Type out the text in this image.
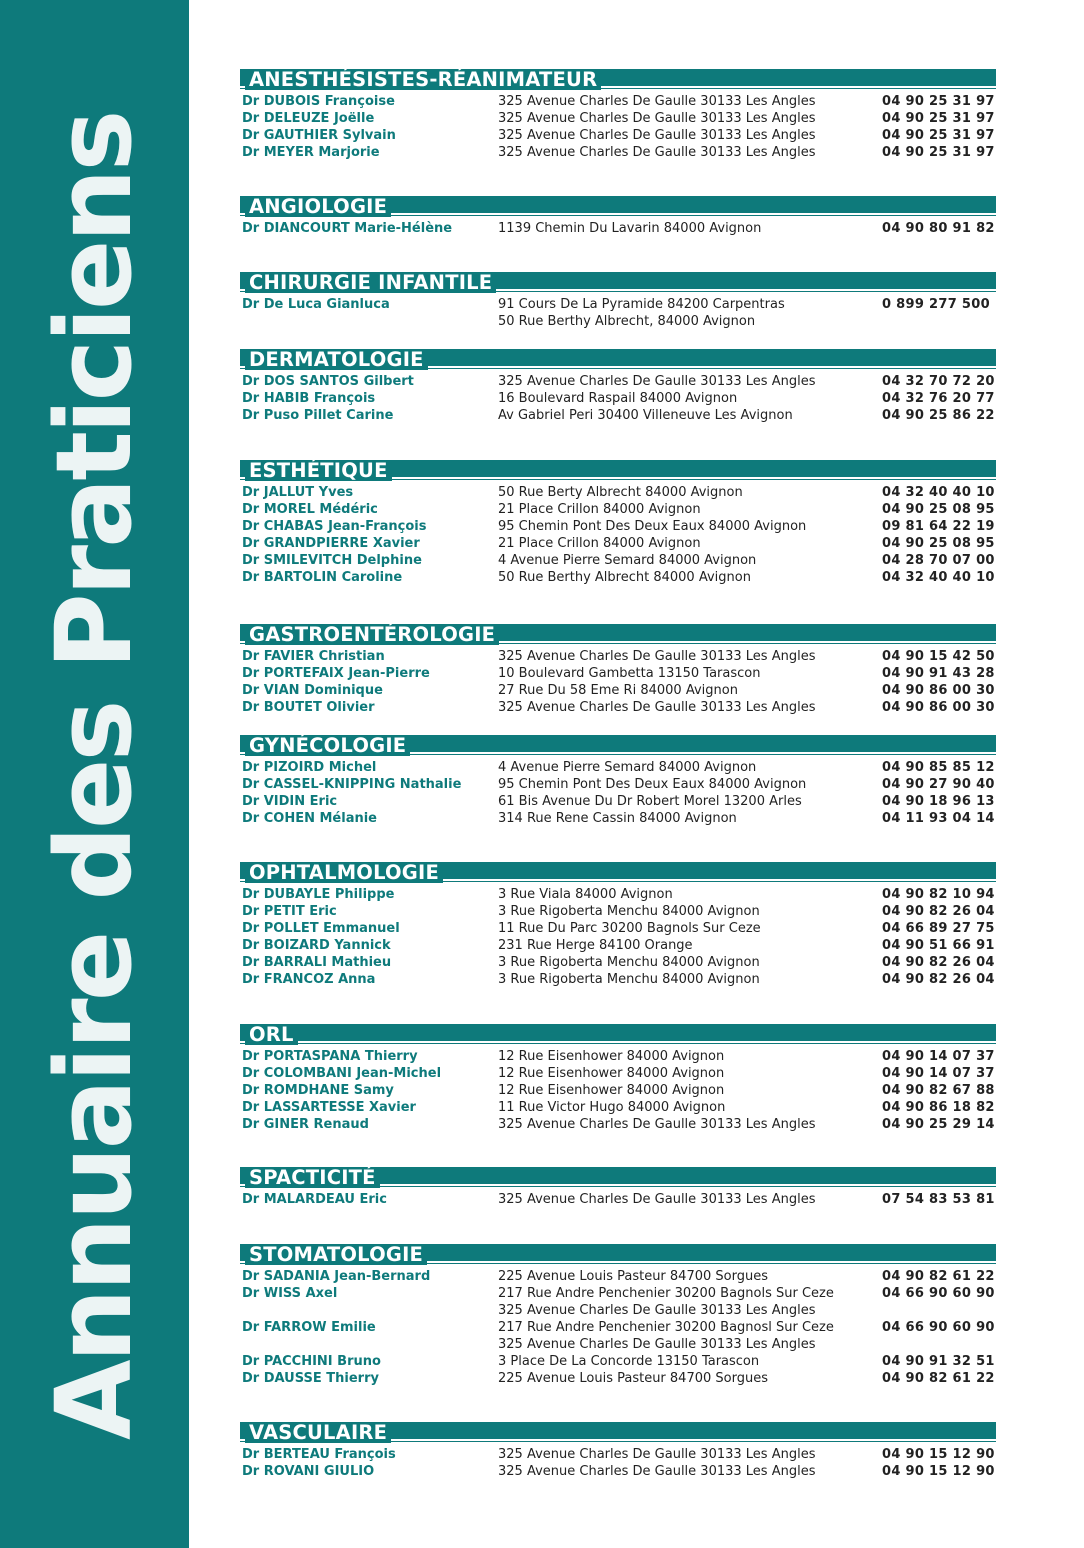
Annuaire des Praticiens
ANESTHÉSISTES-RÉANIMATEUR
Dr DUBOIS Françoise	325 Avenue Charles De Gaulle 30133 Les Angles	04 90 25 31 97
Dr DELEUZE Joëlle	325 Avenue Charles De Gaulle 30133 Les Angles	04 90 25 31 97
Dr GAUTHIER Sylvain	325 Avenue Charles De Gaulle 30133 Les Angles	04 90 25 31 97
Dr MEYER Marjorie	325 Avenue Charles De Gaulle 30133 Les Angles	04 90 25 31 97
ANGIOLOGIE
Dr DIANCOURT Marie-Hélène	1139 Chemin Du Lavarin 84000 Avignon	04 90 80 91 82
CHIRURGIE INFANTILE
Dr De Luca Gianluca	91 Cours De La Pyramide 84200 Carpentras	0 899 277 500
50 Rue Berthy Albrecht, 84000 Avignon
DERMATOLOGIE
Dr DOS SANTOS Gilbert	325 Avenue Charles De Gaulle 30133 Les Angles	04 32 70 72 20
Dr HABIB François	16 Boulevard Raspail 84000 Avignon	04 32 76 20 77
Dr Puso Pillet Carine	Av Gabriel Peri 30400 Villeneuve Les Avignon	04 90 25 86 22
ESTHÉTIQUE
Dr JALLUT Yves	50 Rue Berty Albrecht 84000 Avignon	04 32 40 40 10
Dr MOREL Médéric	21 Place Crillon 84000 Avignon	04 90 25 08 95
Dr CHABAS Jean-François	95 Chemin Pont Des Deux Eaux 84000 Avignon	09 81 64 22 19
Dr GRANDPIERRE Xavier	21 Place Crillon 84000 Avignon	04 90 25 08 95
Dr SMILEVITCH Delphine	4 Avenue Pierre Semard 84000 Avignon	04 28 70 07 00
Dr BARTOLIN Caroline	50 Rue Berthy Albrecht 84000 Avignon	04 32 40 40 10
GASTROENTÉROLOGIE
Dr FAVIER Christian	325 Avenue Charles De Gaulle 30133 Les Angles	04 90 15 42 50
Dr PORTEFAIX Jean-Pierre	10 Boulevard Gambetta 13150 Tarascon	04 90 91 43 28
Dr VIAN Dominique	27 Rue Du 58 Eme Ri 84000 Avignon	04 90 86 00 30
Dr BOUTET Olivier	325 Avenue Charles De Gaulle 30133 Les Angles	04 90 86 00 30
GYNÉCOLOGIE
Dr PIZOIRD Michel	4 Avenue Pierre Semard 84000 Avignon	04 90 85 85 12
Dr CASSEL-KNIPPING Nathalie	95 Chemin Pont Des Deux Eaux 84000 Avignon	04 90 27 90 40
Dr VIDIN Eric	61 Bis Avenue Du Dr Robert Morel 13200 Arles	04 90 18 96 13
Dr COHEN Mélanie	314 Rue Rene Cassin 84000 Avignon	04 11 93 04 14
OPHTALMOLOGIE
Dr DUBAYLE Philippe	3 Rue Viala 84000 Avignon	04 90 82 10 94
Dr PETIT Eric	3 Rue Rigoberta Menchu 84000 Avignon	04 90 82 26 04
Dr POLLET Emmanuel	11 Rue Du Parc 30200 Bagnols Sur Ceze	04 66 89 27 75
Dr BOIZARD Yannick	231 Rue Herge 84100 Orange	04 90 51 66 91
Dr BARRALI Mathieu	3 Rue Rigoberta Menchu 84000 Avignon	04 90 82 26 04
Dr FRANCOZ Anna	3 Rue Rigoberta Menchu 84000 Avignon	04 90 82 26 04
ORL
Dr PORTASPANA Thierry	12 Rue Eisenhower 84000 Avignon	04 90 14 07 37
Dr COLOMBANI Jean-Michel	12 Rue Eisenhower 84000 Avignon	04 90 14 07 37
Dr ROMDHANE Samy	12 Rue Eisenhower 84000 Avignon	04 90 82 67 88
Dr LASSARTESSE Xavier	11 Rue Victor Hugo 84000 Avignon	04 90 86 18 82
Dr GINER Renaud	325 Avenue Charles De Gaulle 30133 Les Angles	04 90 25 29 14
SPACTICITÉ
Dr MALARDEAU Eric	325 Avenue Charles De Gaulle 30133 Les Angles	07 54 83 53 81
STOMATOLOGIE
Dr SADANIA Jean-Bernard	225 Avenue Louis Pasteur 84700 Sorgues	04 90 82 61 22
Dr WISS Axel	217 Rue Andre Penchenier 30200 Bagnols Sur Ceze	04 66 90 60 90
325 Avenue Charles De Gaulle 30133 Les Angles
Dr FARROW Emilie	217 Rue Andre Penchenier 30200 Bagnosl Sur Ceze	04 66 90 60 90
325 Avenue Charles De Gaulle 30133 Les Angles
Dr PACCHINI Bruno	3 Place De La Concorde 13150 Tarascon	04 90 91 32 51
Dr DAUSSE Thierry	225 Avenue Louis Pasteur 84700 Sorgues	04 90 82 61 22
VASCULAIRE
Dr BERTEAU François	325 Avenue Charles De Gaulle 30133 Les Angles	04 90 15 12 90
Dr ROVANI GIULIO	325 Avenue Charles De Gaulle 30133 Les Angles	04 90 15 12 90
